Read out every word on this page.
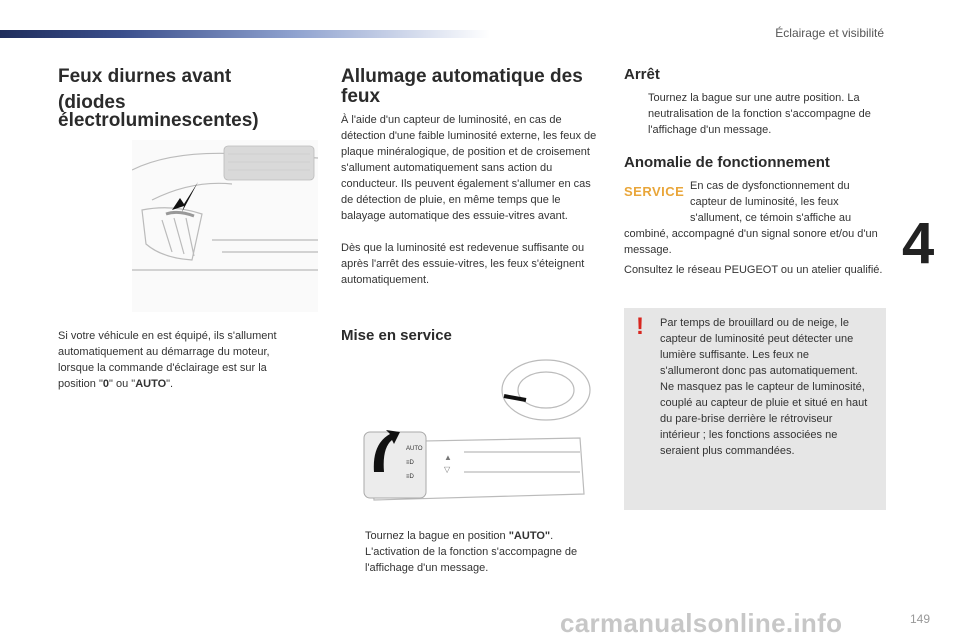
Éclairage et visibilité
4
149
carmanualsonline.info
Feux diurnes avant
(diodes
électroluminescentes)
Si votre véhicule en est équipé, ils s'allument automatiquement au démarrage du moteur, lorsque la commande d'éclairage est sur la position "0" ou "AUTO".
Allumage automatique des
feux
À l'aide d'un capteur de luminosité, en cas de détection d'une faible luminosité externe, les feux de plaque minéralogique, de position et de croisement s'allument automatiquement sans action du conducteur. Ils peuvent également s'allumer en cas de détection de pluie, en même temps que le balayage automatique des essuie-vitres avant.
Dès que la luminosité est redevenue suffisante ou après l'arrêt des essuie-vitres, les feux s'éteignent automatiquement.
Mise en service
AUTO
≡D
≡D
▲
▽
Tournez la bague en position "AUTO". L'activation de la fonction s'accompagne de l'affichage d'un message.
Arrêt
Tournez la bague sur une autre position. La neutralisation de la fonction s'accompagne de l'affichage d'un message.
Anomalie de fonctionnement
SERVICE En cas de dysfonctionnement du capteur de luminosité, les feux s'allument, ce témoin s'affiche au
combiné, accompagné d'un signal sonore et/ou d'un message.
Consultez le réseau PEUGEOT ou un atelier qualifié.
! Par temps de brouillard ou de neige, le capteur de luminosité peut détecter une lumière suffisante. Les feux ne s'allumeront donc pas automatiquement. Ne masquez pas le capteur de luminosité, couplé au capteur de pluie et situé en haut du pare-brise derrière le rétroviseur intérieur ; les fonctions associées ne seraient plus commandées.
